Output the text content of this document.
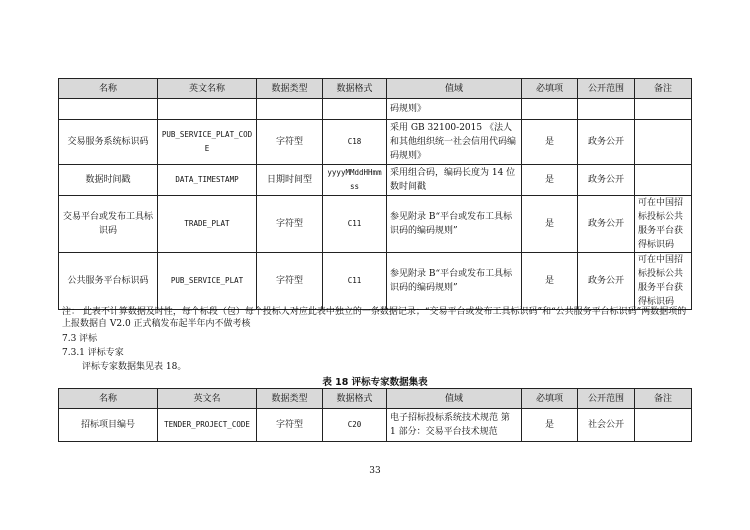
名称	英文名称	数据类型	数据格式	值域	必填项	公开范围	备注
				码规则》			
交易服务系统标识码	PUB_SERVICE_PLAT_CODE	字符型	C18	采用 GB 32100-2015 《法人和其他组织统一社会信用代码编码规则》	是	政务公开	
数据时间戳	DATA_TIMESTAMP	日期时间型	yyyyMMddHHmmss	采用组合码，编码长度为 14 位数时间戳	是	政务公开	
交易平台或发布工具标识码	TRADE_PLAT	字符型	C11	参见附录 B“平台或发布工具标识码的编码规则”	是	政务公开	可在中国招标投标公共服务平台获得标识码
公共服务平台标识码	PUB_SERVICE_PLAT	字符型	C11	参见附录 B“平台或发布工具标识码的编码规则”	是	政务公开	可在中国招标投标公共服务平台获得标识码
注： 此表不计算数据及时性，每个标段（包）每个投标人对应此表中独立的一条数据记录；“交易平台或发布工具标识码”和“公共服务平台标识码”两数据项的上报数据自 V2.0 正式稿发布起半年内不做考核
7.3 评标
7.3.1 评标专家
评标专家数据集见表 18。
表 18 评标专家数据集表
名称	英文名	数据类型	数据格式	值域	必填项	公开范围	备注
招标项目编号	TENDER_PROJECT_CODE	字符型	C20	电子招标投标系统技术规范 第 1 部分：交易平台技术规范	是	社会公开	
33
